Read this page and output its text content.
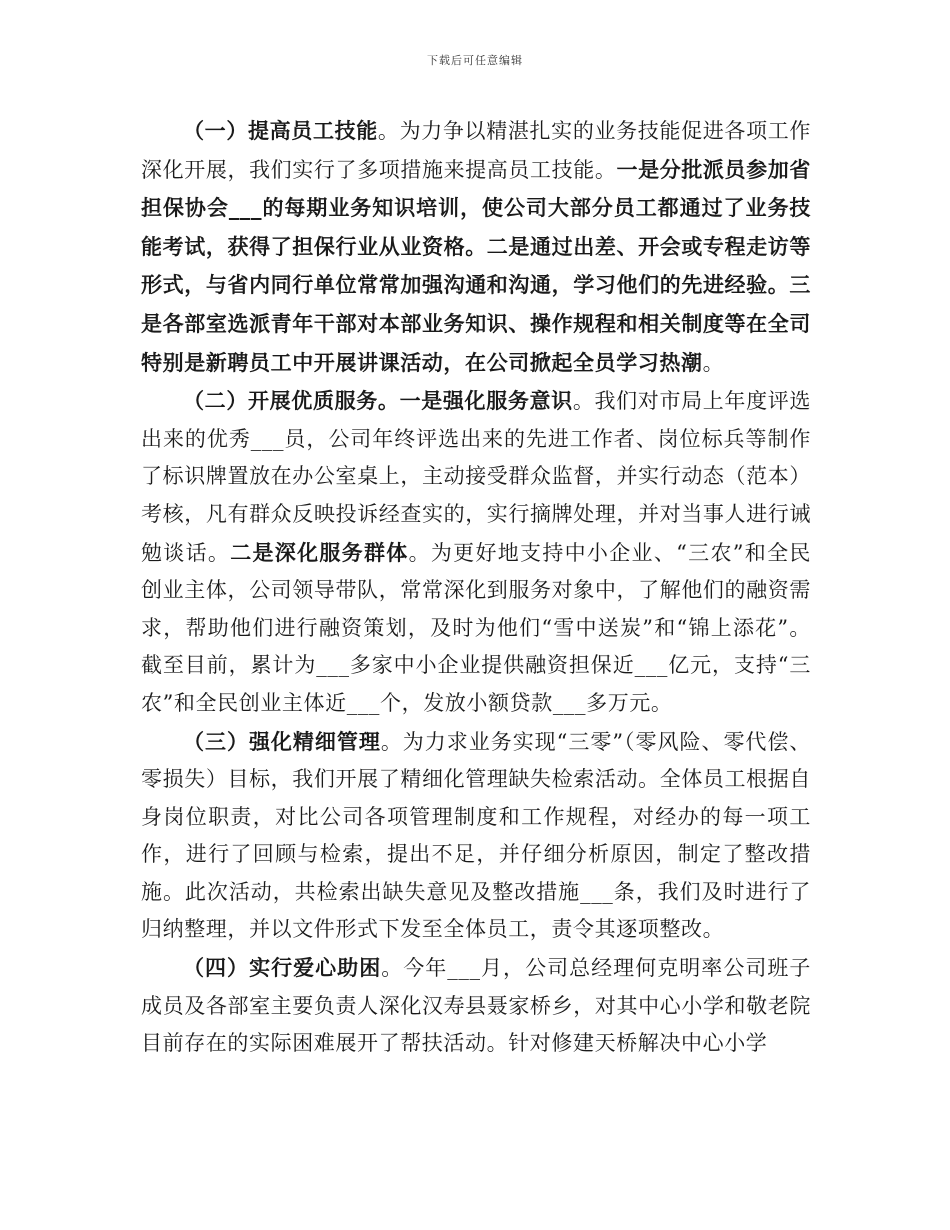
下载后可任意编辑

（一）提高员工技能。为力争以精湛扎实的业务技能促进各项工作深化开展，我们实行了多项措施来提高员工技能。一是分批派员参加省担保协会___的每期业务知识培训，使公司大部分员工都通过了业务技能考试，获得了担保行业从业资格。二是通过出差、开会或专程走访等形式，与省内同行单位常常加强沟通和沟通，学习他们的先进经验。三是各部室选派青年干部对本部业务知识、操作规程和相关制度等在全司特别是新聘员工中开展讲课活动，在公司掀起全员学习热潮。

（二）开展优质服务。一是强化服务意识。我们对市局上年度评选出来的优秀___员，公司年终评选出来的先进工作者、岗位标兵等制作了标识牌置放在办公室桌上，主动接受群众监督，并实行动态（范本）考核，凡有群众反映投诉经查实的，实行摘牌处理，并对当事人进行诫勉谈话。二是深化服务群体。为更好地支持中小企业、“三农”和全民创业主体，公司领导带队，常常深化到服务对象中，了解他们的融资需求，帮助他们进行融资策划，及时为他们“雪中送炭”和“锦上添花”。截至目前，累计为___多家中小企业提供融资担保近___亿元，支持“三农”和全民创业主体近___个，发放小额贷款___多万元。

（三）强化精细管理。为力求业务实现“三零”（零风险、零代偿、零损失）目标，我们开展了精细化管理缺失检索活动。全体员工根据自身岗位职责，对比公司各项管理制度和工作规程，对经办的每一项工作，进行了回顾与检索，提出不足，并仔细分析原因，制定了整改措施。此次活动，共检索出缺失意见及整改措施___条，我们及时进行了归纳整理，并以文件形式下发至全体员工，责令其逐项整改。

（四）实行爱心助困。今年___月，公司总经理何克明率公司班子成员及各部室主要负责人深化汉寿县聂家桥乡，对其中心小学和敬老院目前存在的实际困难展开了帮扶活动。针对修建天桥解决中心小学
